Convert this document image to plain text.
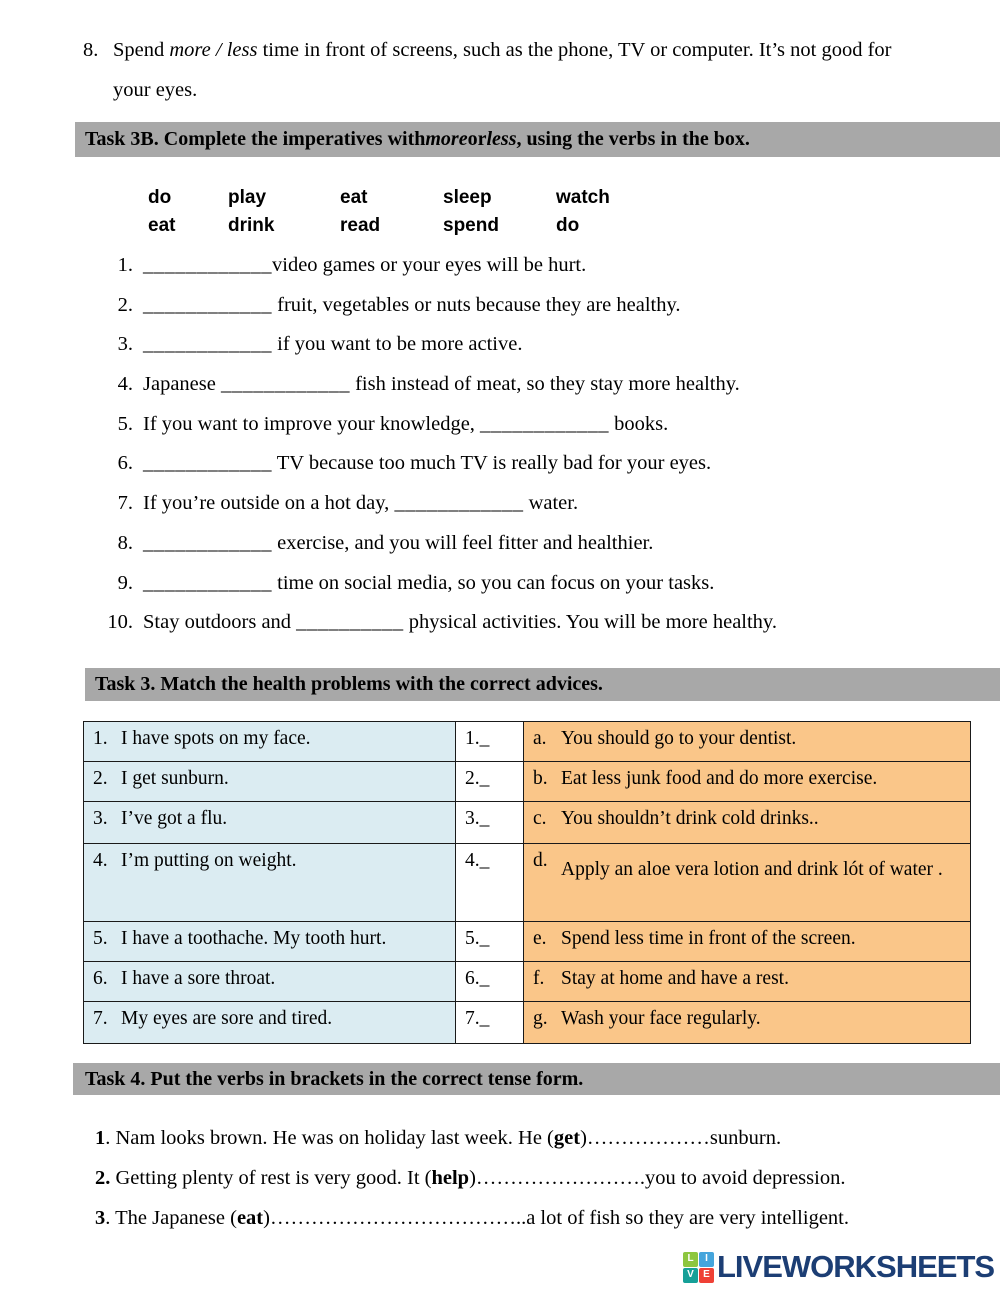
8. Spend more / less time in front of screens, such as the phone, TV or computer. It’s not good for
your eyes.
Task 3B. Complete the imperatives with more or less , using the verbs in the box.
do	play	eat	sleep	watch
eat	drink	read	spend	do
1. ____________video games or your eyes will be hurt.
2. ____________ fruit, vegetables or nuts because they are healthy.
3. ____________ if you want to be more active.
4. Japanese ____________ fish instead of meat, so they stay more healthy.
5. If you want to improve your knowledge, ____________ books.
6. ____________ TV because too much TV is really bad for your eyes.
7. If you’re outside on a hot day, ____________ water.
8. ____________ exercise, and you will feel fitter and healthier.
9. ____________ time on social media, so you can focus on your tasks.
10. Stay outdoors and __________ physical activities. You will be more healthy.
Task 3. Match the health problems with the correct advices.
1. I have spots on my face.	1._	a. You should go to your dentist.

2. I get sunburn.	2._	b. Eat less junk food and do more exercise.

3. I’ve got a flu.	3._	c. You shouldn’t drink cold drinks..

4. I’m putting on weight.	4._	d. Apply an aloe vera lotion and drink lót of water .

5. I have a toothache. My tooth hurt.	5._	e. Spend less time in front of the screen.

6. I have a sore throat.	6._	f. Stay at home and have a rest.

7. My eyes are sore and tired.	7._	g. Wash your face regularly.
Task 4. Put the verbs in brackets in the correct tense form.
1. Nam looks brown. He was on holiday last week. He (get)………………sunburn.
2. Getting plenty of rest is very good. It (help)…………………….you to avoid depression.
3. The Japanese (eat)………………………………..a lot of fish so they are very intelligent.
L	I
V E LIVEWORKSHEETS
